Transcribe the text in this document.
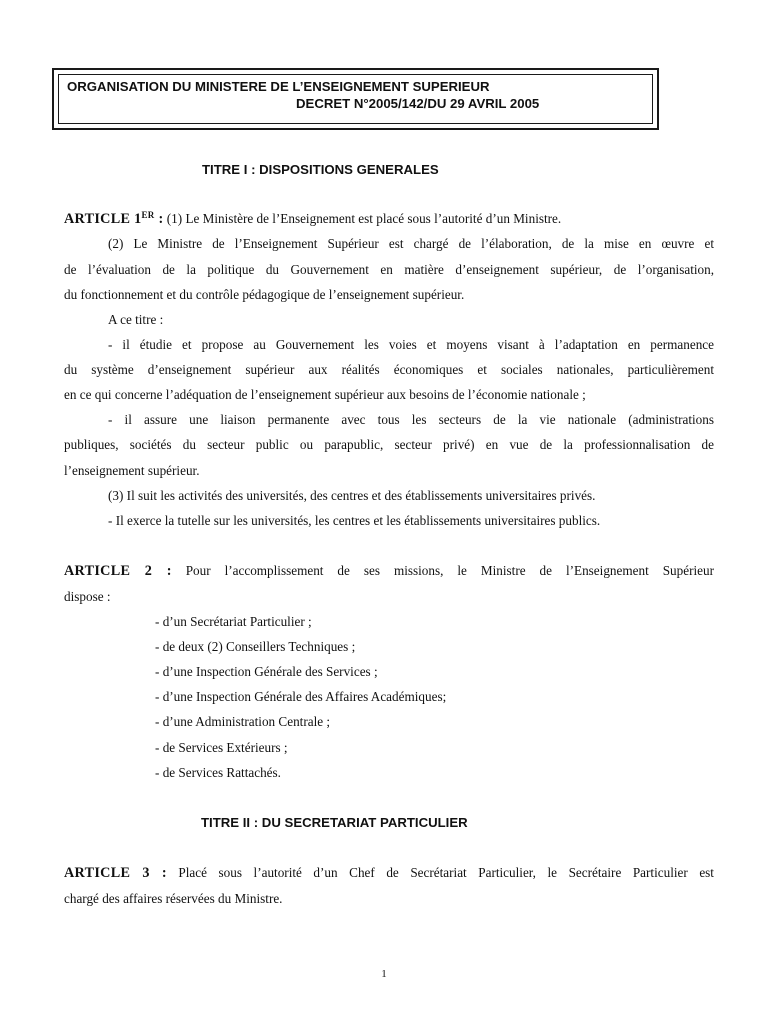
ORGANISATION DU MINISTERE DE L’ENSEIGNEMENT SUPERIEUR
DECRET N°2005/142/DU 29 AVRIL 2005
TITRE I : DISPOSITIONS GENERALES
ARTICLE 1ER : (1) Le Ministère de l’Enseignement est placé sous l’autorité d’un Ministre.
(2) Le Ministre de l’Enseignement Supérieur est chargé de l’élaboration, de la mise en œuvre et
de l’évaluation de la politique du Gouvernement en matière d’enseignement supérieur, de l’organisation,
du fonctionnement et du contrôle pédagogique de l’enseignement supérieur.
A ce titre :
- il étudie et propose au Gouvernement les voies et moyens visant à l’adaptation en permanence
du système d’enseignement supérieur aux réalités économiques et sociales nationales, particulièrement
en ce qui concerne l’adéquation de l’enseignement supérieur aux besoins de l’économie nationale ;
- il assure une liaison permanente avec tous les secteurs de la vie nationale (administrations
publiques, sociétés du secteur public ou parapublic, secteur privé) en vue de la professionnalisation de
l’enseignement supérieur.
(3) Il suit les activités des universités, des centres et des établissements universitaires privés.
- Il exerce la tutelle sur les universités, les centres et les établissements universitaires publics.
ARTICLE 2 : Pour l’accomplissement de ses missions, le Ministre de l’Enseignement Supérieur
dispose :
- d’un Secrétariat Particulier ;
- de deux (2) Conseillers Techniques ;
- d’une Inspection Générale des Services ;
- d’une Inspection Générale des Affaires Académiques;
- d’une Administration Centrale ;
- de Services Extérieurs ;
- de Services Rattachés.
TITRE II : DU SECRETARIAT PARTICULIER
ARTICLE 3 : Placé sous l’autorité d’un Chef de Secrétariat Particulier, le Secrétaire Particulier est
chargé des affaires réservées du Ministre.
1
